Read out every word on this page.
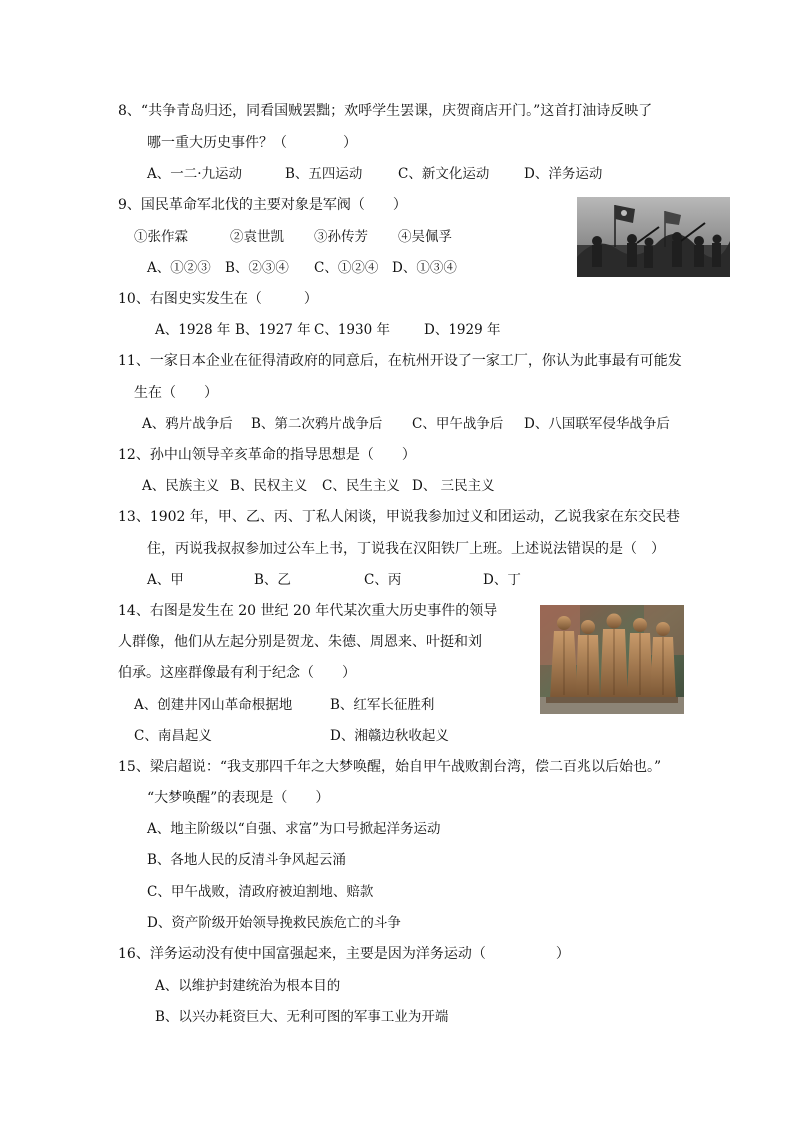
8、“共争青岛归还，同看国贼罢黜；欢呼学生罢课，庆贺商店开门。”这首打油诗反映了
哪一重大历史事件？（　　　　）
A、一二·九运动	B、五四运动	C、新文化运动	D、洋务运动
9、国民革命军北伐的主要对象是军阀（　　）
①张作霖	②袁世凯 ③孙传芳 ④吴佩孚
A、①②③ B、②③④ C、①②④ D、①③④
10、右图史实发生在（　　　）
A、1928 年 B、1927 年 C、1930 年	D、1929 年
11、一家日本企业在征得清政府的同意后，在杭州开设了一家工厂，你认为此事最有可能发
生在（　　）
A、鸦片战争后 B、第二次鸦片战争后 C、甲午战争后 D、八国联军侵华战争后
12、孙中山领导辛亥革命的指导思想是（　　）
A、民族主义 B、民权主义 C、民生主义 D、 三民主义
13、1902 年，甲、乙、丙、丁私人闲谈，甲说我参加过义和团运动，乙说我家在东交民巷
住，丙说我叔叔参加过公车上书，丁说我在汉阳铁厂上班。上述说法错误的是（　）
A、甲	B、乙	C、丙	D、丁
14、右图是发生在 20 世纪 20 年代某次重大历史事件的领导
人群像，他们从左起分别是贺龙、朱德、周恩来、叶挺和刘
伯承。这座群像最有利于纪念（　　）
A、创建井冈山革命根据地	B、红军长征胜利
C、南昌起义	D、湘赣边秋收起义
15、梁启超说：“我支那四千年之大梦唤醒，始自甲午战败割台湾，偿二百兆以后始也。”
“大梦唤醒”的表现是（　　）
A、地主阶级以“自强、求富”为口号掀起洋务运动
B、各地人民的反清斗争风起云涌
C、甲午战败，清政府被迫割地、赔款
D、资产阶级开始领导挽救民族危亡的斗争
16、洋务运动没有使中国富强起来，主要是因为洋务运动（　　　　　）
A、以维护封建统治为根本目的
B、以兴办耗资巨大、无利可图的军事工业为开端
